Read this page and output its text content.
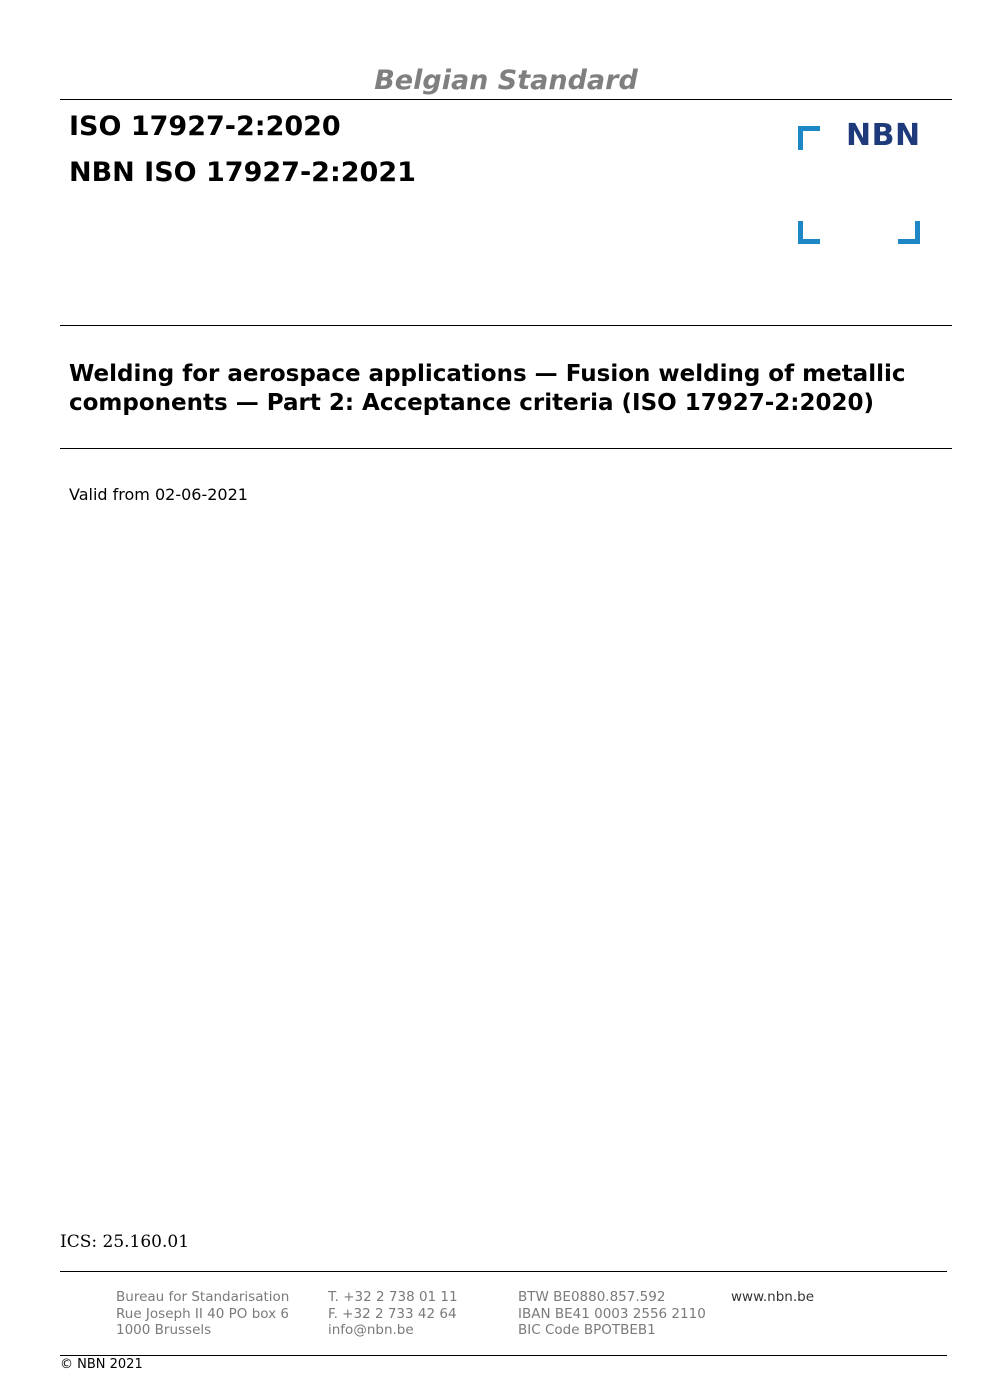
Belgian Standard
ISO 17927-2:2020
NBN ISO 17927-2:2021
NBN
Welding for aerospace applications — Fusion welding of metallic
components — Part 2: Acceptance criteria (ISO 17927-2:2020)
Valid from 02-06-2021
ICS: 25.160.01
Bureau for Standarisation
Rue Joseph II 40 PO box 6
1000 Brussels
T. +32 2 738 01 11
F. +32 2 733 42 64
info@nbn.be
BTW BE0880.857.592
IBAN BE41 0003 2556 2110
BIC Code BPOTBEB1
www.nbn.be
© NBN 2021
